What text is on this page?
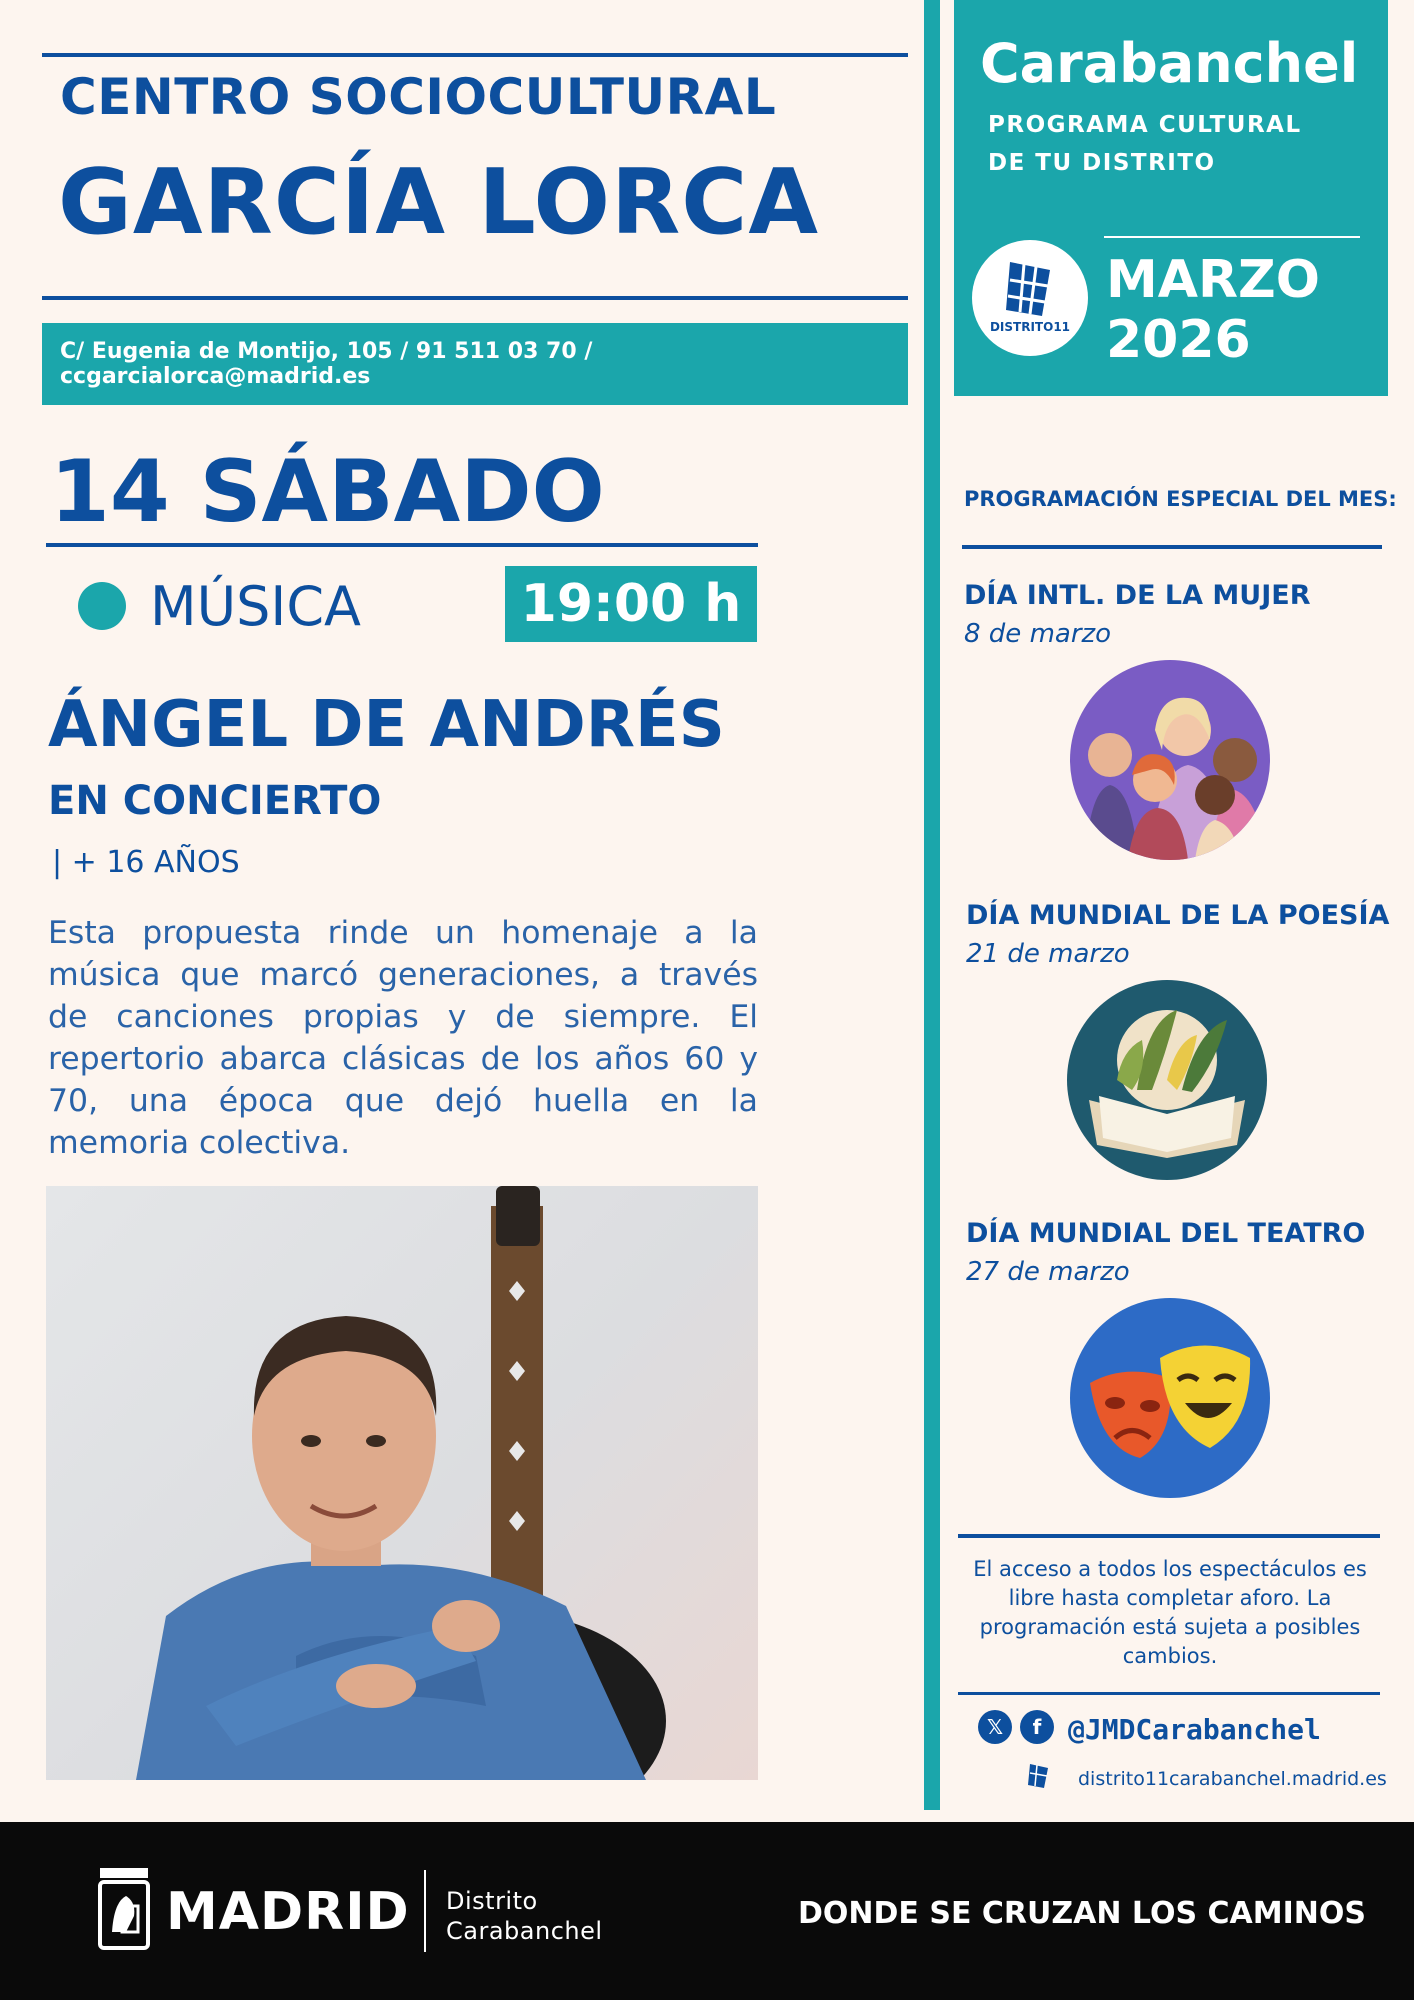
CENTRO SOCIOCULTURAL
GARCÍA LORCA
C/ Eugenia de Montijo, 105 / 91 511 03 70 / ccgarcialorca@madrid.es
14 SÁBADO
MÚSICA	19:00 h
ÁNGEL DE ANDRÉS
EN CONCIERTO
| + 16 AÑOS
Esta propuesta rinde un homenaje a la música que marcó generaciones, a través de canciones propias y de siempre. El repertorio abarca clásicas de los años 60 y 70, una época que dejó huella en la memoria colectiva.
Carabanchel
PROGRAMA CULTURAL
DE TU DISTRITO
DISTRITO11
MARZO
2026
PROGRAMACIÓN ESPECIAL DEL MES:
DÍA INTL. DE LA MUJER
8 de marzo
DÍA MUNDIAL DE LA POESÍA
21 de marzo
DÍA MUNDIAL DEL TEATRO
27 de marzo
El acceso a todos los espectáculos es libre hasta completar aforo. La programación está sujeta a posibles cambios.
𝕏	f @JMDCarabanchel
distrito11carabanchel.madrid.es
MADRID Distrito
Carabanchel	DONDE SE CRUZAN LOS CAMINOS
